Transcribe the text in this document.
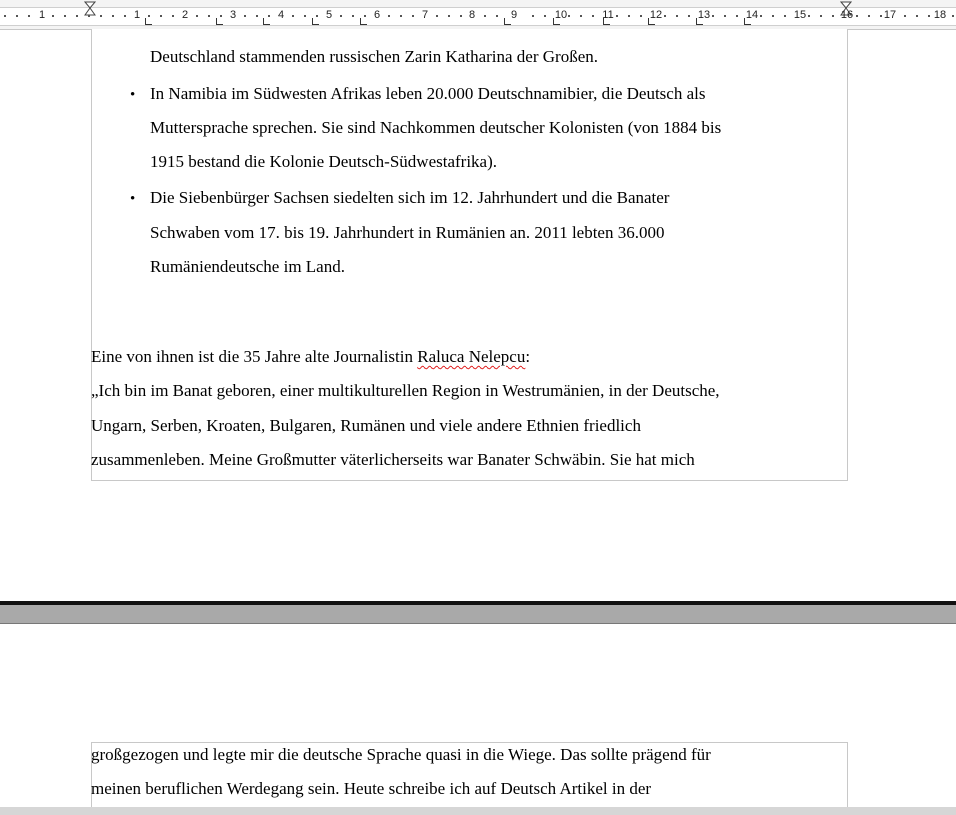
1	1	2	3	4	5	6	7	8	9	10	11	12	13	14	15	16	17	18
Deutschland stammenden russischen Zarin Katharina der Großen.
• In Namibia im Südwesten Afrikas leben 20.000 Deutschnamibier, die Deutsch als
Muttersprache sprechen. Sie sind Nachkommen deutscher Kolonisten (von 1884 bis
1915 bestand die Kolonie Deutsch-Südwestafrika).
• Die Siebenbürger Sachsen siedelten sich im 12. Jahrhundert und die Banater
Schwaben vom 17. bis 19. Jahrhundert in Rumänien an. 2011 lebten 36.000
Rumäniendeutsche im Land.
Eine von ihnen ist die 35 Jahre alte Journalistin Raluca Nelepcu:
„Ich bin im Banat geboren, einer multikulturellen Region in Westrumänien, in der Deutsche,
Ungarn, Serben, Kroaten, Bulgaren, Rumänen und viele andere Ethnien friedlich
zusammenleben. Meine Großmutter väterlicherseits war Banater Schwäbin. Sie hat mich
großgezogen und legte mir die deutsche Sprache quasi in die Wiege. Das sollte prägend für
meinen beruflichen Werdegang sein. Heute schreibe ich auf Deutsch Artikel in der
